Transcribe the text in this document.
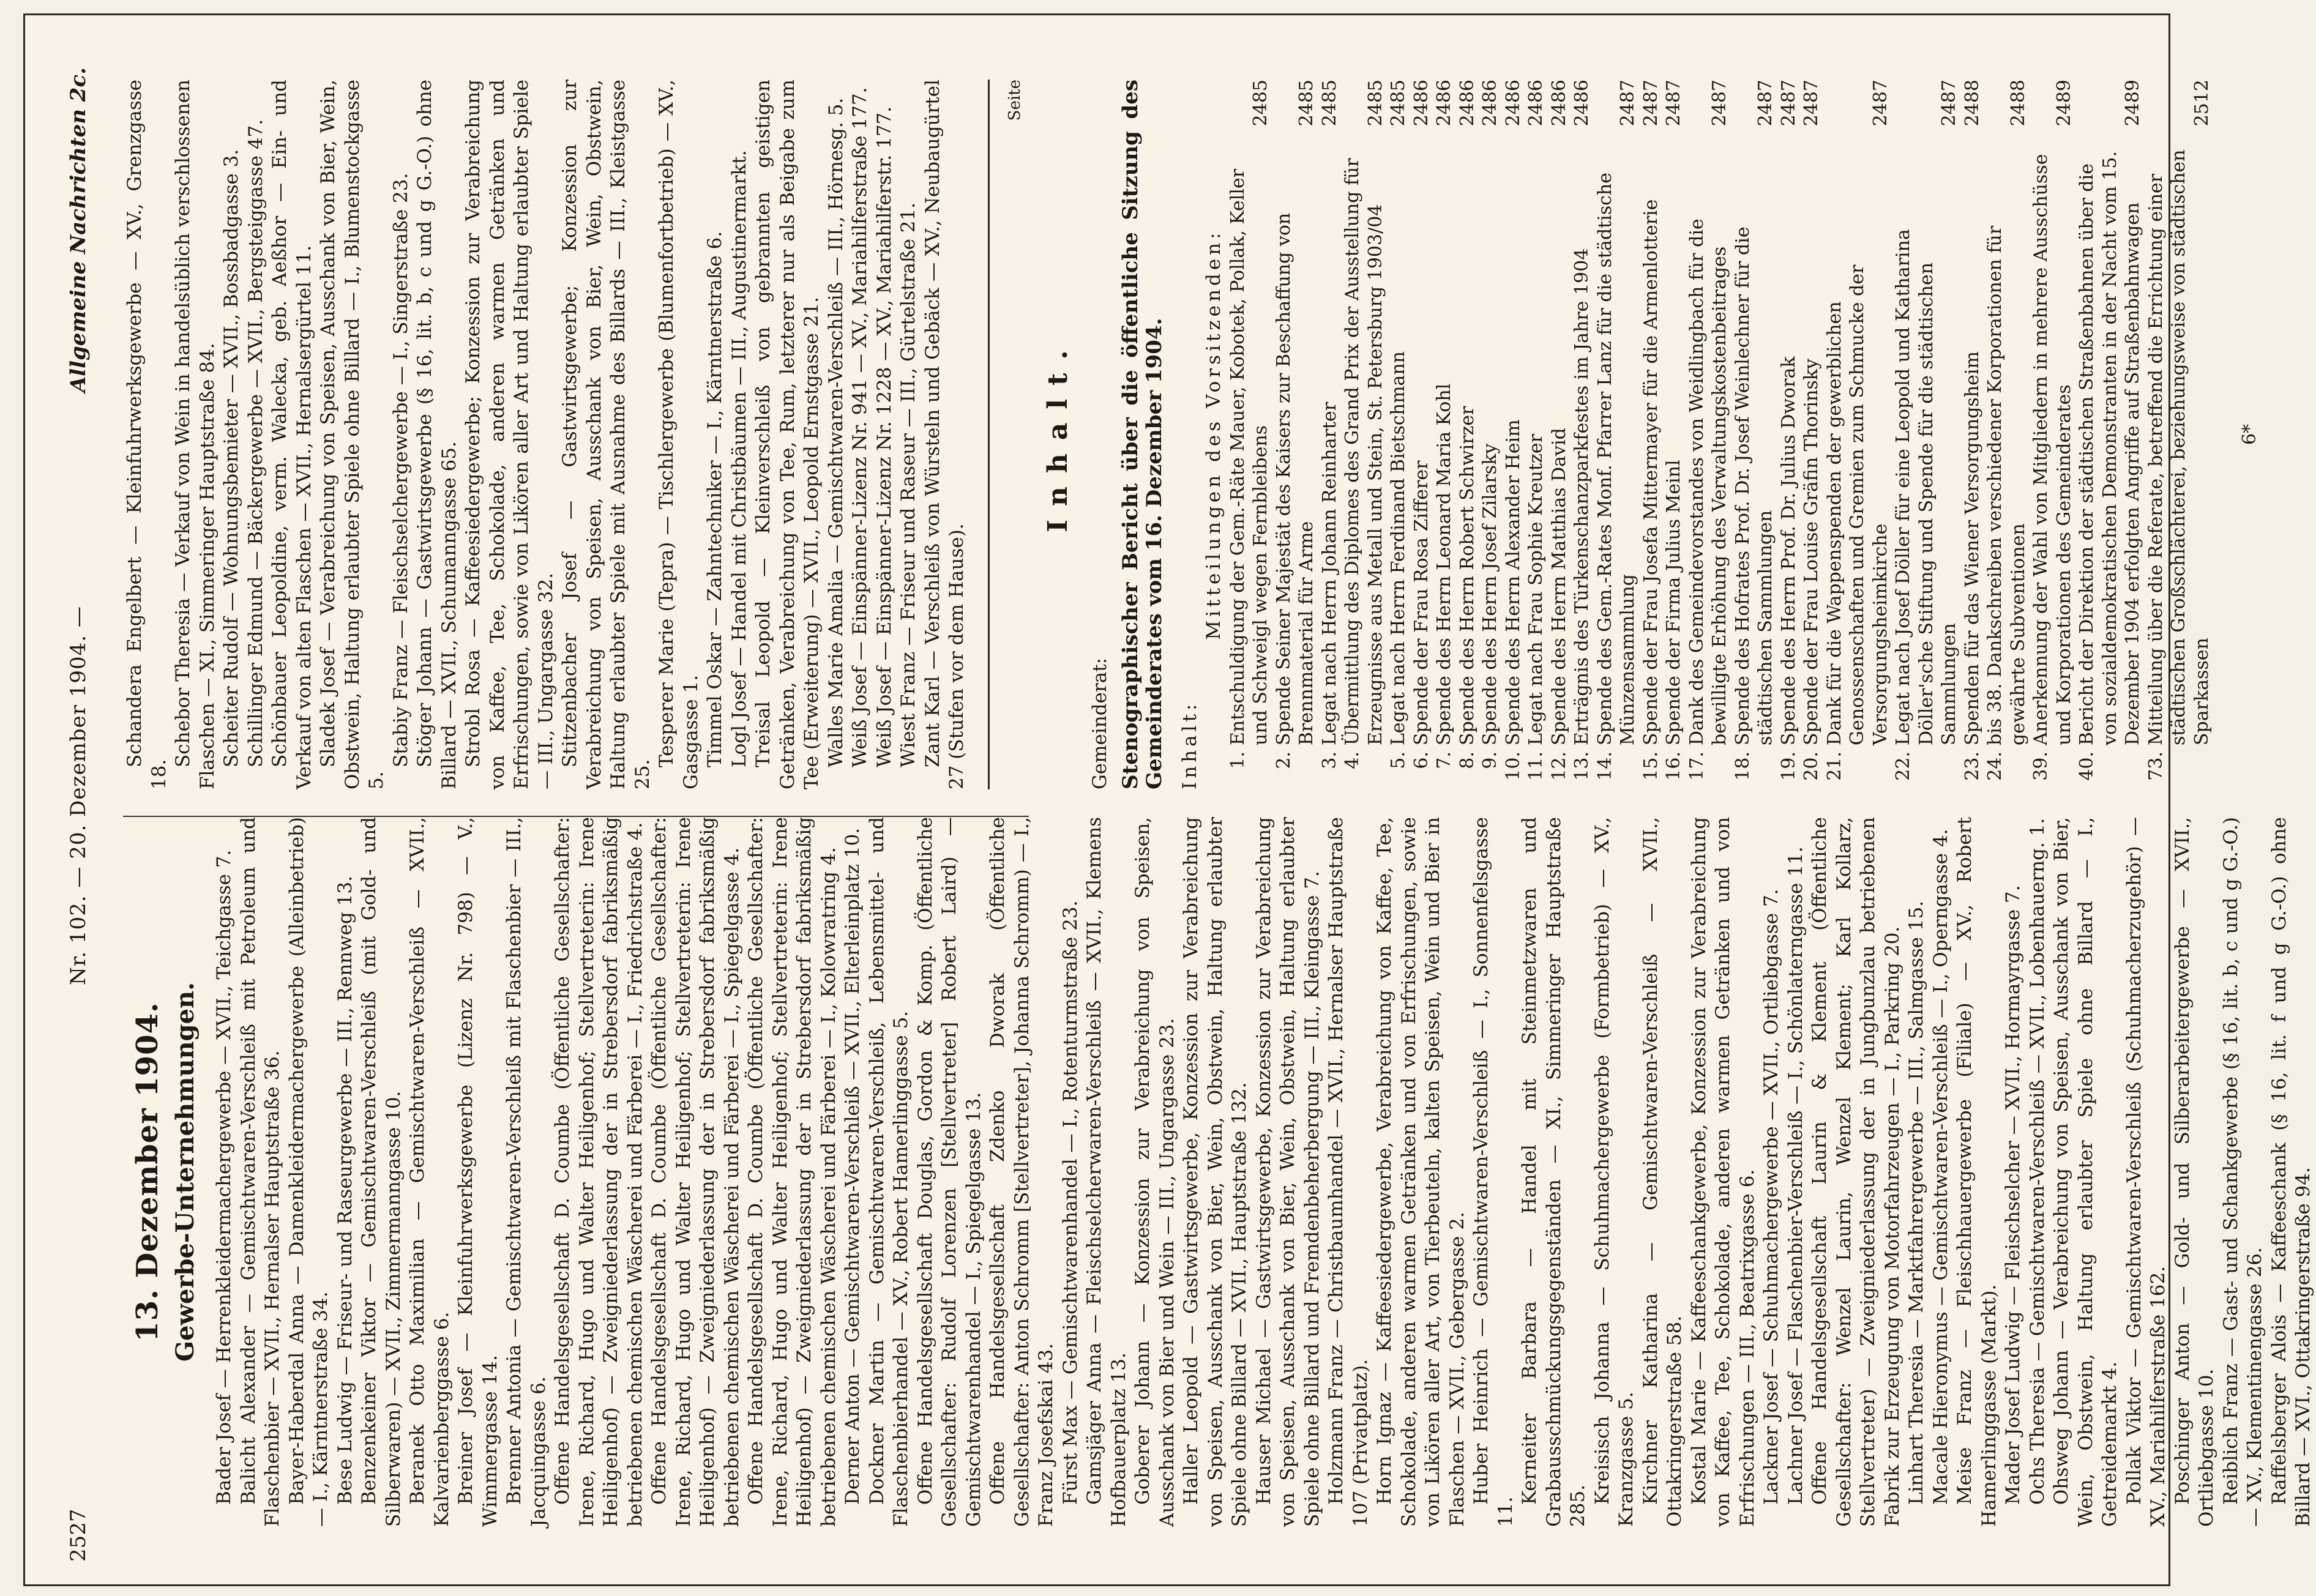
2527
Nr. 102. — 20. Dezember 1904. —
Allgemeine Nachrichten 2c.
13. Dezember 1904. Gewerbe-Unternehmungen. Bader Josef — Herrenkleidermachergewerbe — XVII., Teichgasse 7. Balicht Alexander — Gemischtwaren-Verschleiß mit Petroleum und Flaschenbier — XVII., Hernalser Hauptstraße 36. Bayer-Haberdal Anna — Damenkleidermachergewerbe (Alleinbetrieb) — I., Kärntnerstraße 34. Bese Ludwig — Friseur- und Raseurgewerbe — III., Rennweg 13. Benzenkeiner Viktor — Gemischtwaren-Verschleiß (mit Gold- und Silberwaren) — XVII., Zimmermanngasse 10. Beranek Otto Maximilian — Gemischtwaren-Verschleiß — XVII., Kalvarienberggasse 6. Breiner Josef — Kleinfuhrwerksgewerbe (Lizenz Nr. 798) — V., Wimmergasse 14. Brenner Antonia — Gemischtwaren-Verschleiß mit Flaschenbier — III., Jacquingasse 6. Offene Handelsgesellschaft D. Coumbe (Öffentliche Gesellschafter: Irene, Richard, Hugo und Walter Heiligenhof; Stellvertreterin: Irene Heiligenhof) — Zweigniederlassung der in Strebersdorf fabriksmäßig betriebenen chemischen Wäscherei und Färberei — I., Friedrichstraße 4. Offene Handelsgesellschaft D. Coumbe (Öffentliche Gesellschafter: Irene, Richard, Hugo und Walter Heiligenhof; Stellvertreterin: Irene Heiligenhof) — Zweigniederlassung der in Strebersdorf fabriksmäßig betriebenen chemischen Wäscherei und Färberei — I., Spiegelgasse 4. Offene Handelsgesellschaft D. Coumbe (Öffentliche Gesellschafter: Irene, Richard, Hugo und Walter Heiligenhof; Stellvertreterin: Irene Heiligenhof) — Zweigniederlassung der in Strebersdorf fabriksmäßig betriebenen chemischen Wäscherei und Färberei — I., Kolowratring 4. Derner Anton — Gemischtwaren-Verschleiß — XVII., Elterleinplatz 10. Dockner Martin — Gemischtwaren-Verschleiß, Lebensmittel- und Flaschenbierhandel — XV., Robert Hamerlinggasse 5. Offene Handelsgesellschaft Douglas, Gordon & Komp. (Öffentliche Gesellschafter: Rudolf Lorenzen [Stellvertreter] Robert Laird) — Gemischtwarenhandel — I., Spiegelgasse 13. Offene Handelsgesellschaft Zdenko Dworak (Öffentliche Gesellschafter: Anton Schromm [Stellvertreter], Johanna Schromm) — I., Franz Josefskai 43. Fürst Max — Gemischtwarenhandel — I., Rotenturmstraße 23. Gamsjäger Anna — Fleischselcherwaren-Verschleiß — XVII., Klemens Hofbauerplatz 13. Goberer Johann — Konzession zur Verabreichung von Speisen, Ausschank von Bier und Wein — III., Ungargasse 23. Haller Leopold — Gastwirtsgewerbe, Konzession zur Verabreichung von Speisen, Ausschank von Bier, Wein, Obstwein, Haltung erlaubter Spiele ohne Billard — XVII., Hauptstraße 132. Hauser Michael — Gastwirtsgewerbe, Konzession zur Verabreichung von Speisen, Ausschank von Bier, Wein, Obstwein, Haltung erlaubter Spiele ohne Billard und Fremdenbeherbergung — III., Kleingasse 7. Holzmann Franz — Christbaumhandel — XVII., Hernalser Hauptstraße 107 (Privatplatz). Horn Ignaz — Kaffeesiedergewerbe, Verabreichung von Kaffee, Tee, Schokolade, anderen warmen Getränken und von Erfrischungen, sowie von Likören aller Art, von Tierbeuteln, kalten Speisen, Wein und Bier in Flaschen — XVII., Gebergasse 2. Huber Heinrich — Gemischtwaren-Verschleiß — I., Sonnenfelsgasse 11.

Kerneiter Barbara — Handel mit Steinmetzwaren und Grabausschmückungsgegenständen — XI., Simmeringer Hauptstraße 285.

Kreisisch Johanna — Schuhmachergewerbe (Formbetrieb) — XV., Kranzgasse 5. Kirchner Katharina — Gemischtwaren-Verschleiß — XVII., Ottakringerstraße 58. Kostal Marie — Kaffeeschankgewerbe, Konzession zur Verabreichung von Kaffee, Tee, Schokolade, anderen warmen Getränken und von Erfrischungen — III., Beatrixgasse 6. Lackner Josef — Schuhmachergewerbe — XVII., Ortliebgasse 7. Lachner Josef — Flaschenbier-Verschleiß — I., Schönlaterngasse 11. Offene Handelsgesellschaft Laurin & Klement (Öffentliche Gesellschafter: Wenzel Laurin, Wenzel Klement; Karl Kollarz, Stellvertreter) — Zweigniederlassung der in Jungbunzlau betriebenen Fabrik zur Erzeugung von Motorfahrzeugen — I., Parkring 20. Linhart Theresia — Marktfahrergewerbe — III., Salmgasse 15. Macale Hieronymus — Gemischtwaren-Verschleiß — I., Operngasse 4. Meise Franz — Fleischhauergewerbe (Filiale) — XV., Robert Hamerlinggasse (Markt). Mader Josef Ludwig — Fleischselcher — XVII., Hormayrgasse 7. Ochs Theresia — Gemischtwaren-Verschleiß — XVII., Lobenhauerng. 1. Ohsweg Johann — Verabreichung von Speisen, Ausschank von Bier, Wein, Obstwein, Haltung erlaubter Spiele ohne Billard — I., Getreidemarkt 4. Pollak Viktor — Gemischtwaren-Verschleiß (Schuhmacherzugehör) — XV., Mariahilferstraße 162. Poschinger Anton — Gold- und Silberarbeitergewerbe — XVII., Ortliebgasse 10. Reiblich Franz — Gast- und Schankgewerbe (§ 16, lit. b, c und g G.-O.) — XV., Klementinengasse 26. Raffelsberger Alois — Kaffeeschank (§ 16, lit. f und g G.-O.) ohne Billard — XVI., Ottakringerstraße 94.

Schandera Engelbert — Kleinfuhrwerksgewerbe — XV., Grenzgasse 18.

Schebor Theresia — Verkauf von Wein in handelsüblich verschlossenen Flaschen — XI., Simmeringer Hauptstraße 84. Scheiter Rudolf — Wohnungsbemieter — XVII., Bossbadgasse 3. Schillinger Edmund — Bäckergewerbe — XVII., Bergsteiggasse 47. Schönbauer Leopoldine, verm. Walecka, geb. Aeßhor — Ein- und Verkauf von alten Flaschen — XVII., Hernalsergürtel 11. Sladek Josef — Verabreichung von Speisen, Ausschank von Bier, Wein, Obstwein, Haltung erlaubter Spiele ohne Billard — I., Blumenstockgasse 5.

Stabiy Franz — Fleischselchergewerbe — I., Singerstraße 23. Stöger Johann — Gastwirtsgewerbe (§ 16, lit. b, c und g G.-O.) ohne Billard — XVII., Schumanngasse 65. Strobl Rosa — Kaffeesiedergewerbe; Konzession zur Verabreichung von Kaffee, Tee, Schokolade, anderen warmen Getränken und Erfrischungen, sowie von Likören aller Art und Haltung erlaubter Spiele — III., Ungargasse 32. Stitzenbacher Josef — Gastwirtsgewerbe; Konzession zur Verabreichung von Speisen, Ausschank von Bier, Wein, Obstwein, Haltung erlaubter Spiele mit Ausnahme des Billards — III., Kleistgasse 25.

Tesperer Marie (Tepra) — Tischlergewerbe (Blumenfortbetrieb) — XV., Gasgasse 1. Timmel Oskar — Zahntechniker — I., Kärntnerstraße 6. Logl Josef — Handel mit Christbäumen — III., Augustinermarkt. Treisal Leopold — Kleinverschleiß von gebrannten geistigen Getränken, Verabreichung von Tee, Rum, letzterer nur als Beigabe zum Tee (Erweiterung) — XVII., Leopold Ernstgasse 21. Walles Marie Amalia — Gemischtwaren-Verschleiß — III., Hörnesg. 5. Weiß Josef — Einspänner-Lizenz Nr. 941 — XV., Mariahilferstraße 177. Weiß Josef — Einspänner-Lizenz Nr. 1228 — XV., Mariahilferstr. 177. Wiest Franz — Friseur und Raseur — III., Gürtelstraße 21. Zant Karl — Verschleiß von Würsteln und Gebäck — XV., Neubaugürtel 27 (Stufen vor dem Hause).

Seite
Inhalt.

Gemeinderat: Stenographischer Bericht über die öffentliche Sitzung des Gemeinderates vom 16. Dezember 1904. Inhalt:

Mitteilungen des Vorsitzenden:

1.	Entschuldigung der Gem.-Räte Mauer, Kobotek, Pollak, Keller und Schweigl wegen Fernbleibens	2485
2.	Spende Seiner Majestät des Kaisers zur Beschaffung von Brennmaterial für Arme	2485
3.	Legat nach Herrn Johann Reinharter	2485
4.	Übermittlung des Diplomes des Grand Prix der Ausstellung für Erzeugnisse aus Metall und Stein, St. Petersburg 1903/04	2485
5.	Legat nach Herrn Ferdinand Bietschmann	2485
6.	Spende der Frau Rosa Zifferer	2486
7.	Spende des Herrn Leonard Maria Kohl	2486
8.	Spende des Herrn Robert Schwirzer	2486
9.	Spende des Herrn Josef Zilarsky	2486
10.	Spende des Herrn Alexander Heim	2486
11.	Legat nach Frau Sophie Kreutzer	2486
12.	Spende des Herrn Matthias David	2486
13.	Erträgnis des Türkenschanzparkfestes im Jahre 1904	2486
14.	Spende des Gem.-Rates Monf. Pfarrer Lanz für die städtische Münzensammlung	2487
15.	Spende der Frau Josefa Mittermayer für die Armenlotterie	2487
16.	Spende der Firma Julius Meinl	2487
17.	Dank des Gemeindevorstandes von Weidlingbach für die bewilligte Erhöhung des Verwaltungskostenbeitrages	2487
18.	Spende des Hofrates Prof. Dr. Josef Weinlechner für die städtischen Sammlungen	2487
19.	Spende des Herrn Prof. Dr. Julius Dworak	2487
20.	Spende der Frau Louise Gräfin Thorinsky	2487
21.	Dank für die Wappenspenden der gewerblichen Genossenschaften und Gremien zum Schmucke der Versorgungsheimkirche	2487
22.	Legat nach Josef Döller für eine Leopold und Katharina Döller'sche Stiftung und Spende für die städtischen Sammlungen	2487
23.	Spenden für das Wiener Versorgungsheim	2488
24.	bis 38. Dankschreiben verschiedener Korporationen für gewährte Subventionen	2488
39.	Anerkennung der Wahl von Mitgliedern in mehrere Ausschüsse und Korporationen des Gemeinderates	2489
40.	Bericht der Direktion der städtischen Straßenbahnen über die von sozialdemokratischen Demonstranten in der Nacht vom 15. Dezember 1904 erfolgten Angriffe auf Straßenbahnwagen	2489
73.	Mitteilung über die Referate, betreffend die Errichtung einer städtischen Großschlächterei, beziehungsweise von städtischen Sparkassen	2512
6*
